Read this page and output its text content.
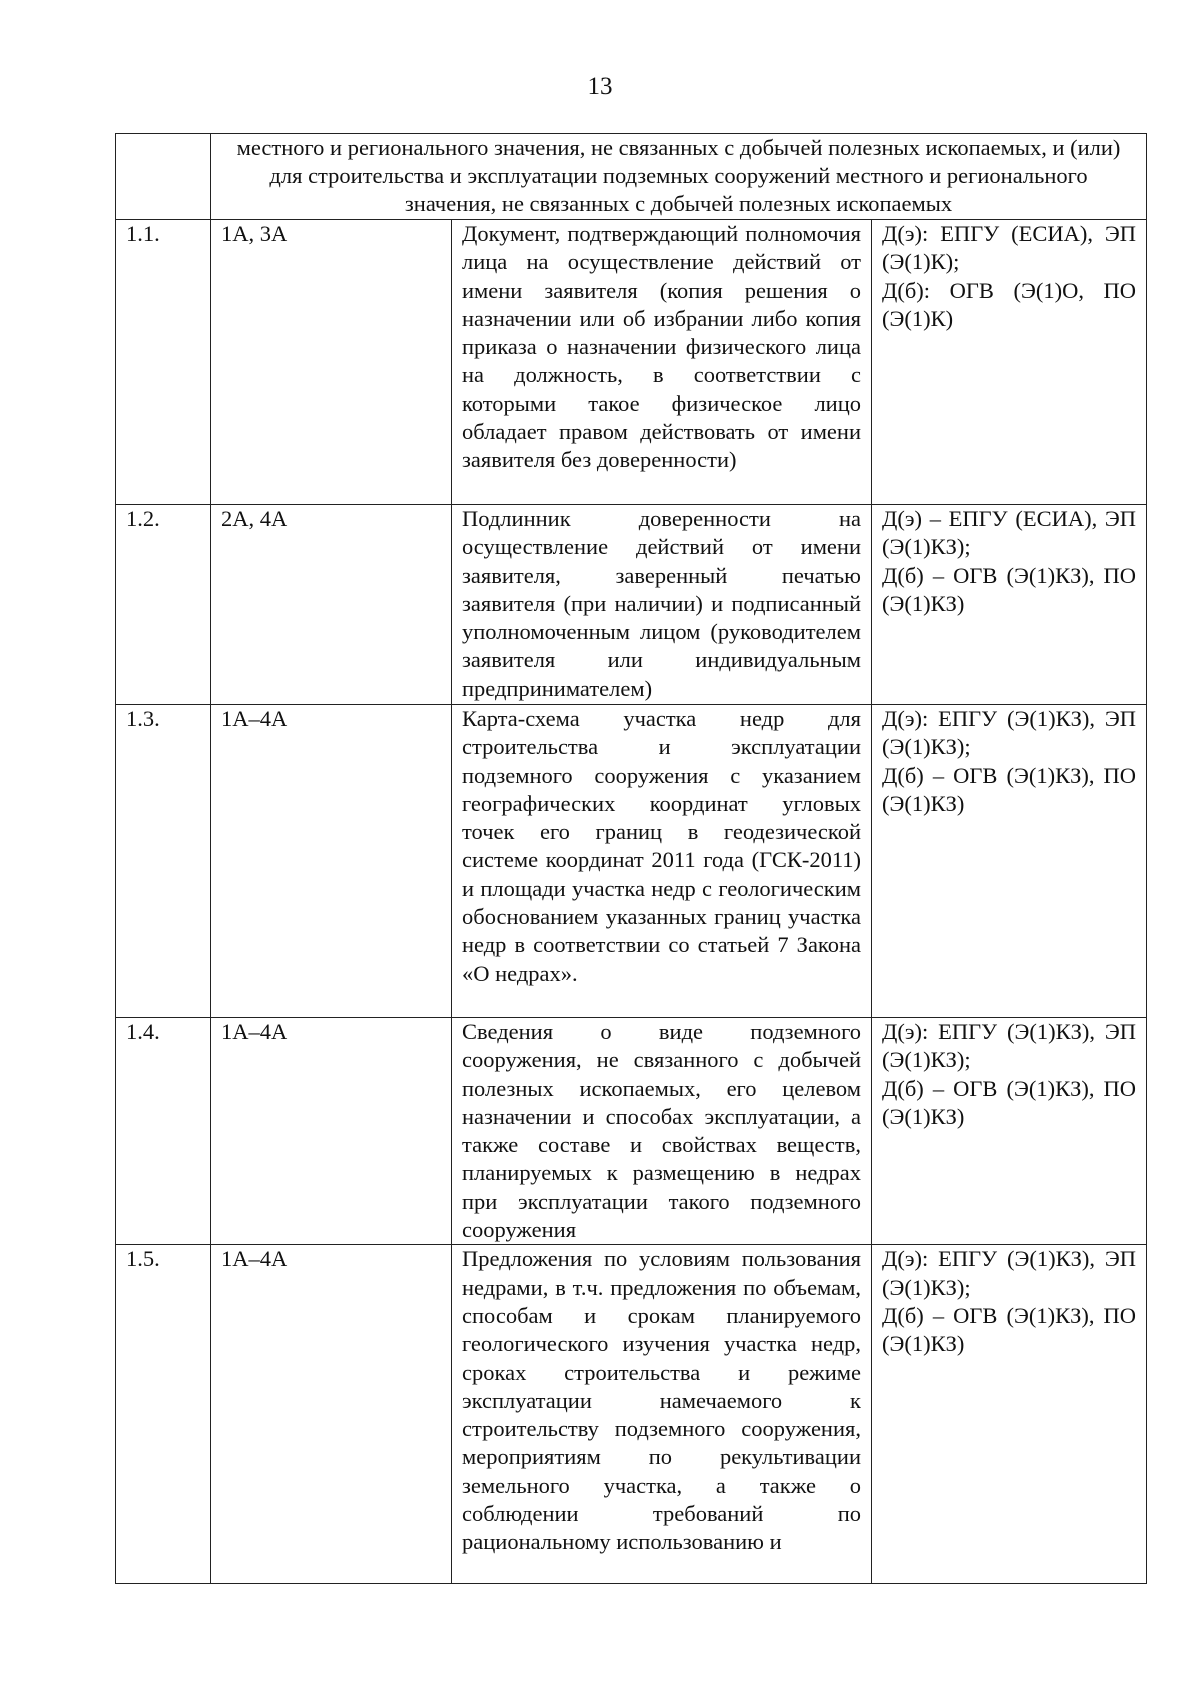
13
	местного и регионального значения, не связанных с добычей полезных ископаемых, и (или) для строительства и эксплуатации подземных сооружений местного и регионального значения, не связанных с добычей полезных ископаемых		
1.1.	1А, 3А	Документ, подтверждающий полномочия лица на осуществление действий от имени заявителя (копия решения о назначении или об избрании либо копия приказа о назначении физического лица на должность, в соответствии с которыми такое физическое лицо обладает правом действовать от имени заявителя без доверенности)	Д(э): ЕПГУ (ЕСИА), ЭП (Э(1)К);
Д(б): ОГВ (Э(1)О, ПО (Э(1)К)

1.2.	2А, 4А	Подлинник доверенности на осуществление действий от имени заявителя, заверенный печатью заявителя (при наличии) и подписанный уполномоченным лицом (руководителем заявителя или индивидуальным предпринимателем)	Д(э) – ЕПГУ (ЕСИА), ЭП (Э(1)КЗ);
Д(б) – ОГВ (Э(1)КЗ), ПО (Э(1)КЗ)

1.3.	1А–4А	Карта-схема участка недр для строительства и эксплуатации подземного сооружения с указанием географических координат угловых точек его границ в геодезической системе координат 2011 года (ГСК-2011) и площади участка недр с геологическим обоснованием указанных границ участка недр в соответствии со статьей 7 Закона «О недрах».	Д(э): ЕПГУ (Э(1)КЗ), ЭП (Э(1)КЗ);
Д(б) – ОГВ (Э(1)КЗ), ПО (Э(1)КЗ)

1.4.	1А–4А	Сведения о виде подземного сооружения, не связанного с добычей полезных ископаемых, его целевом назначении и способах эксплуатации, а также составе и свойствах веществ, планируемых к размещению в недрах при эксплуатации такого подземного сооружения	Д(э): ЕПГУ (Э(1)КЗ), ЭП (Э(1)КЗ);
Д(б) – ОГВ (Э(1)КЗ), ПО (Э(1)КЗ)

1.5.	1А–4А	Предложения по условиям пользования недрами, в т.ч. предложения по объемам, способам и срокам планируемого геологического изучения участка недр, сроках строительства и режиме эксплуатации намечаемого к строительству подземного сооружения, мероприятиям по рекультивации земельного участка, а также о соблюдении требований по рациональному использованию и	Д(э): ЕПГУ (Э(1)КЗ), ЭП (Э(1)КЗ);
Д(б) – ОГВ (Э(1)КЗ), ПО (Э(1)КЗ)
